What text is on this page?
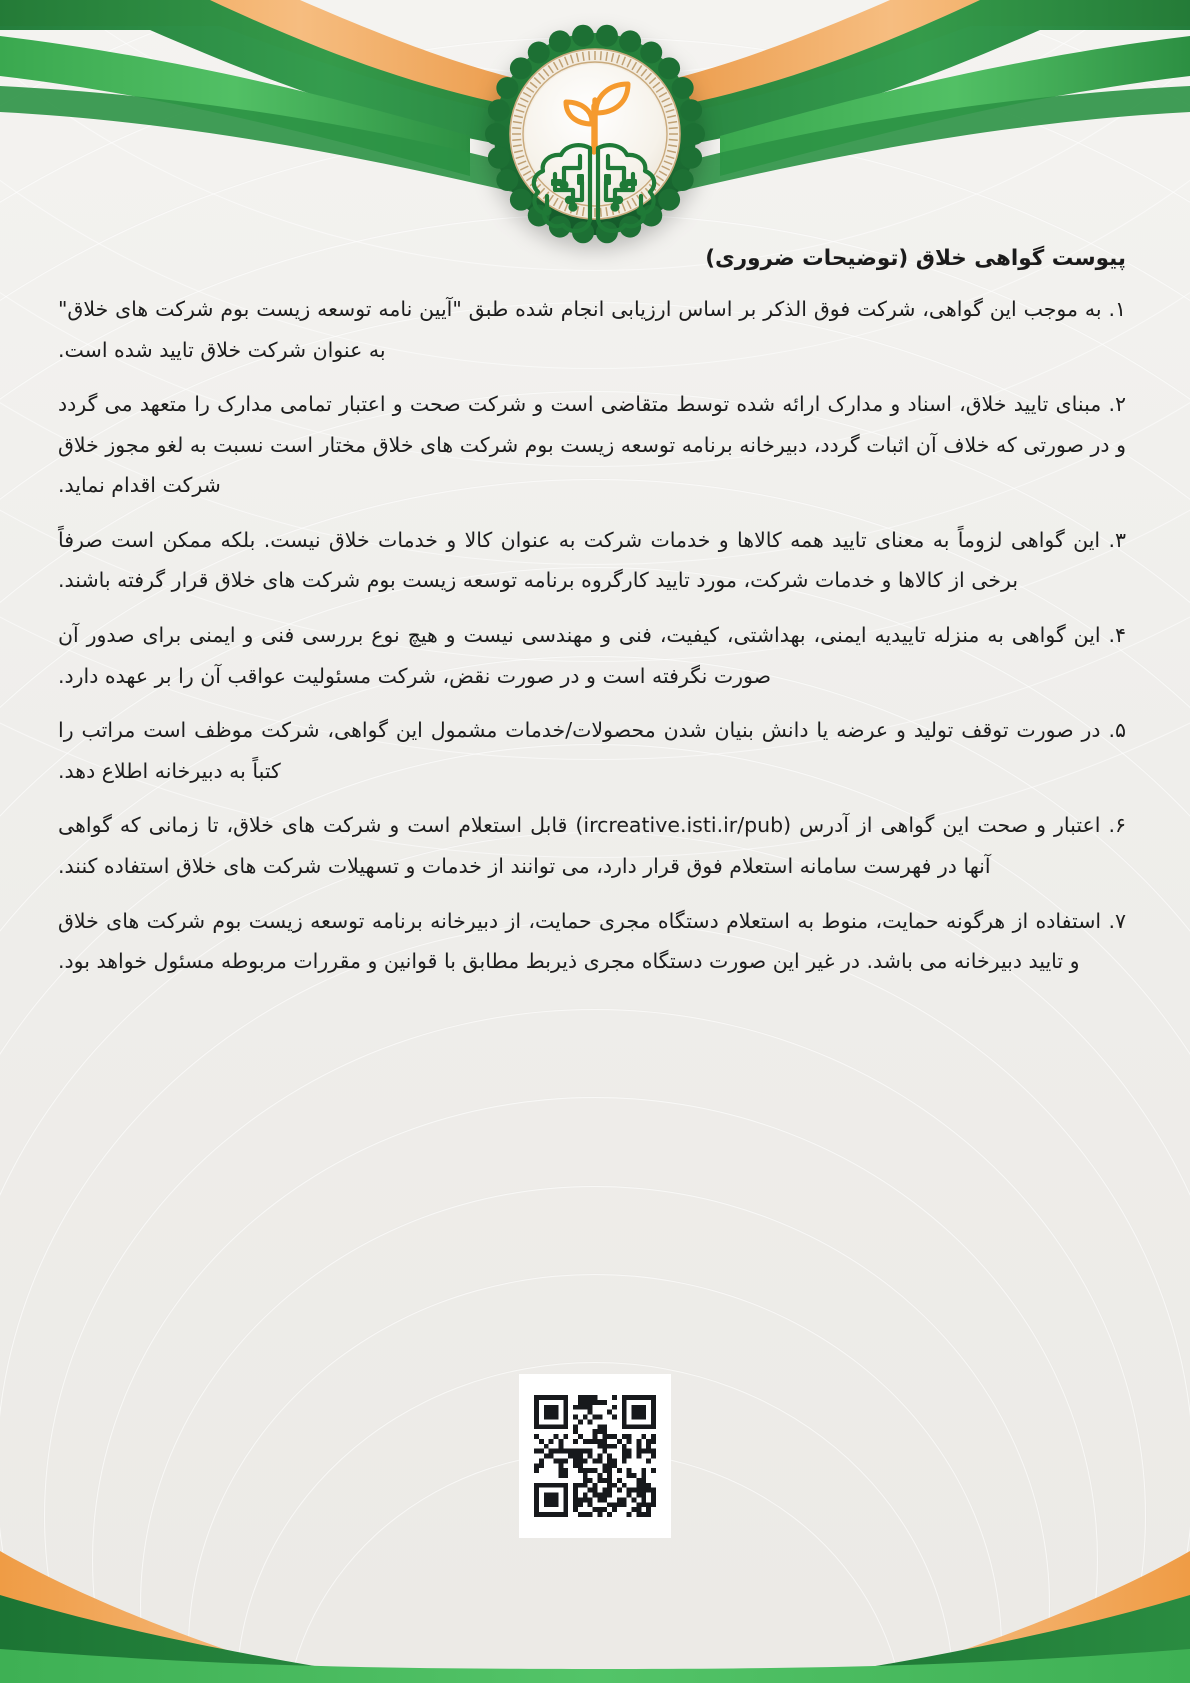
پیوست گواهی خلاق (توضیحات ضروری)

۱. به موجب این گواهی، شرکت فوق الذکر بر اساس ارزیابی انجام شده طبق "آیین نامه توسعه زیست بوم شرکت های خلاق" به عنوان شرکت خلاق تایید شده است.

۲. مبنای تایید خلاق، اسناد و مدارک ارائه شده توسط متقاضی است و شرکت صحت و اعتبار تمامی مدارک را متعهد می گردد و در صورتی که خلاف آن اثبات گردد، دبیرخانه برنامه توسعه زیست بوم شرکت های خلاق مختار است نسبت به لغو مجوز خلاق شرکت اقدام نماید.

۳. این گواهی لزوماً به معنای تایید همه کالاها و خدمات شرکت به عنوان کالا و خدمات خلاق نیست. بلکه ممکن است صرفاً برخی از کالاها و خدمات شرکت، مورد تایید کارگروه برنامه توسعه زیست بوم شرکت های خلاق قرار گرفته باشند.

۴. این گواهی به منزله تاییدیه ایمنی، بهداشتی، کیفیت، فنی و مهندسی نیست و هیچ نوع بررسی فنی و ایمنی برای صدور آن صورت نگرفته است و در صورت نقض، شرکت مسئولیت عواقب آن را بر عهده دارد.

۵. در صورت توقف تولید و عرضه یا دانش بنیان شدن محصولات/خدمات مشمول این گواهی، شرکت موظف است مراتب را کتباً به دبیرخانه اطلاع دهد.

۶. اعتبار و صحت این گواهی از آدرس (ircreative.isti.ir/pub) قابل استعلام است و شرکت های خلاق، تا زمانی که گواهی آنها در فهرست سامانه استعلام فوق قرار دارد، می توانند از خدمات و تسهیلات شرکت های خلاق استفاده کنند.

۷. استفاده از هرگونه حمایت، منوط به استعلام دستگاه مجری حمایت، از دبیرخانه برنامه توسعه زیست بوم شرکت های خلاق و تایید دبیرخانه می باشد. در غیر این صورت دستگاه مجری ذیربط مطابق با قوانین و مقررات مربوطه مسئول خواهد بود.
